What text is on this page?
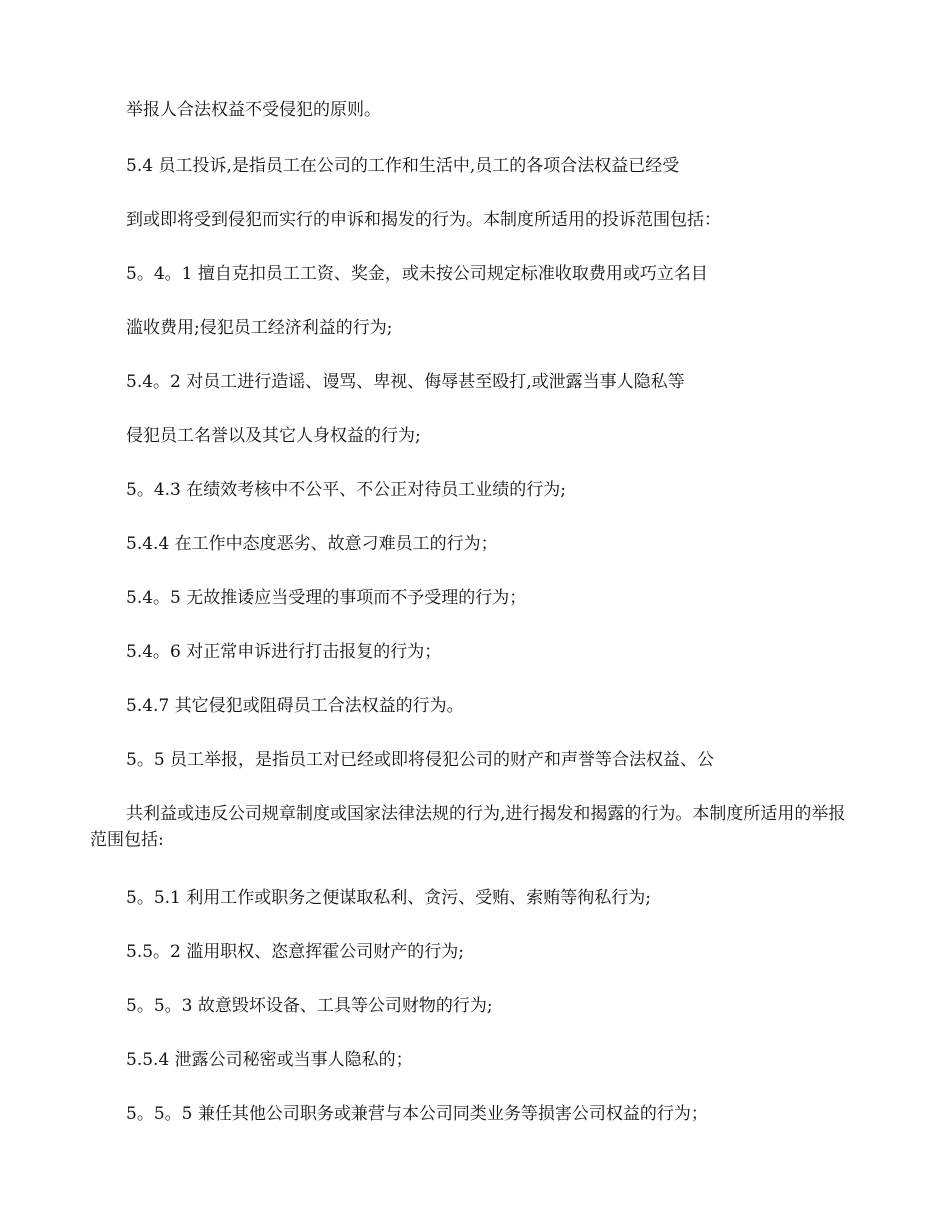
举报人合法权益不受侵犯的原则。

5.4 员工投诉,是指员工在公司的工作和生活中,员工的各项合法权益已经受

到或即将受到侵犯而实行的申诉和揭发的行为。本制度所适用的投诉范围包括：

5。4。1 擅自克扣员工工资、奖金，或未按公司规定标准收取费用或巧立名目

滥收费用;侵犯员工经济利益的行为;

5.4。2 对员工进行造谣、谩骂、卑视、侮辱甚至殴打,或泄露当事人隐私等

侵犯员工名誉以及其它人身权益的行为;

5。4.3 在绩效考核中不公平、不公正对待员工业绩的行为;

5.4.4 在工作中态度恶劣、故意刁难员工的行为；

5.4。5 无故推诿应当受理的事项而不予受理的行为；

5.4。6 对正常申诉进行打击报复的行为；

5.4.7 其它侵犯或阻碍员工合法权益的行为。

5。5 员工举报，是指员工对已经或即将侵犯公司的财产和声誉等合法权益、公

共利益或违反公司规章制度或国家法律法规的行为,进行揭发和揭露的行为。本制度所适用的举报范围包括:

5。5.1 利用工作或职务之便谋取私利、贪污、受贿、索贿等徇私行为;

5.5。2 滥用职权、恣意挥霍公司财产的行为;

5。5。3 故意毁坏设备、工具等公司财物的行为;

5.5.4 泄露公司秘密或当事人隐私的；

5。5。5 兼任其他公司职务或兼营与本公司同类业务等损害公司权益的行为；
